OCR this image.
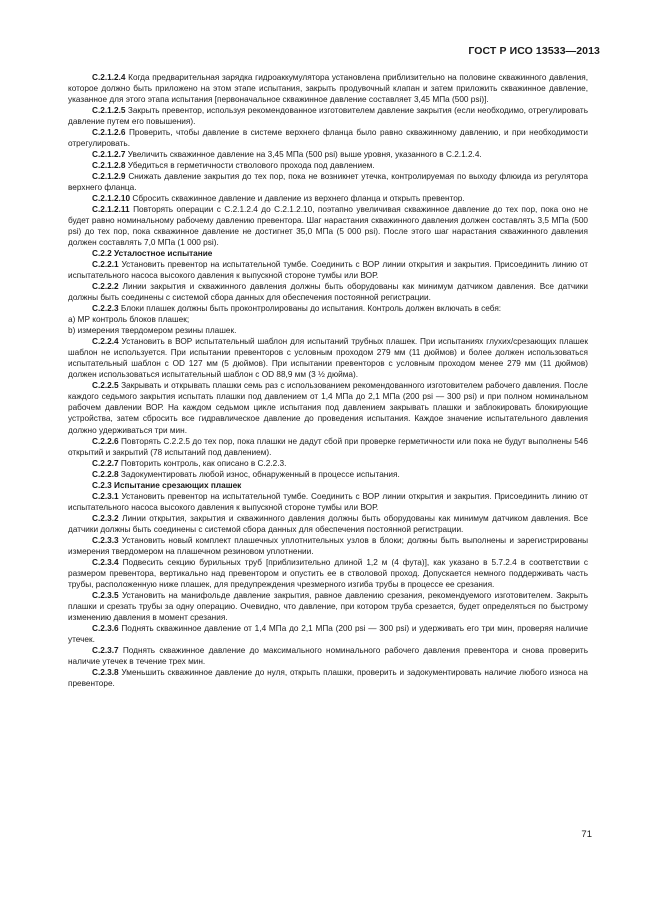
ГОСТ Р ИСО 13533—2013

С.2.1.2.4 Когда предварительная зарядка гидроаккумулятора установлена приблизительно на половине скважинного давления, которое должно быть приложено на этом этапе испытания, закрыть продувочный клапан и затем приложить скважинное давление, указанное для этого этапа испытания [первоначальное скважинное давление составляет 3,45 МПа (500 psi)].

С.2.1.2.5 Закрыть превентор, используя рекомендованное изготовителем давление закрытия (если необходимо, отрегулировать давление путем его повышения).

С.2.1.2.6 Проверить, чтобы давление в системе верхнего фланца было равно скважинному давлению, и при необходимости отрегулировать.

С.2.1.2.7 Увеличить скважинное давление на 3,45 МПа (500 psi) выше уровня, указанного в С.2.1.2.4.

С.2.1.2.8 Убедиться в герметичности стволового прохода под давлением.

С.2.1.2.9 Снижать давление закрытия до тех пор, пока не возникнет утечка, контролируемая по выходу флюида из регулятора верхнего фланца.

С.2.1.2.10 Сбросить скважинное давление и давление из верхнего фланца и открыть превентор.

С.2.1.2.11 Повторять операции с С.2.1.2.4 до С.2.1.2.10, поэтапно увеличивая скважинное давление до тех пор, пока оно не будет равно номинальному рабочему давлению превентора. Шаг нарастания скважинного давления должен составлять 3,5 МПа (500 psi) до тех пор, пока скважинное давление не достигнет 35,0 МПа (5 000 psi). После этого шаг нарастания скважинного давления должен составлять 7,0 МПа (1 000 psi).

С.2.2 Усталостное испытание

С.2.2.1 Установить превентор на испытательной тумбе. Соединить с ВОР линии открытия и закрытия. Присоединить линию от испытательного насоса высокого давления к выпускной стороне тумбы или ВОР.

С.2.2.2 Линии закрытия и скважинного давления должны быть оборудованы как минимум датчиком давления. Все датчики должны быть соединены с системой сбора данных для обеспечения постоянной регистрации.

С.2.2.3 Блоки плашек должны быть проконтролированы до испытания. Контроль должен включать в себя:

а) МР контроль блоков плашек;

b) измерения твердомером резины плашек.

С.2.2.4 Установить в ВОР испытательный шаблон для испытаний трубных плашек. При испытаниях глухих/срезающих плашек шаблон не используется. При испытании превенторов с условным проходом 279 мм (11 дюймов) и более должен использоваться испытательный шаблон с OD 127 мм (5 дюймов). При испытании превенторов с условным проходом менее 279 мм (11 дюймов) должен использоваться испытательный шаблон с OD 88,9 мм (3 ½ дюйма).

С.2.2.5 Закрывать и открывать плашки семь раз с использованием рекомендованного изготовителем рабочего давления. После каждого седьмого закрытия испытать плашки под давлением от 1,4 МПа до 2,1 МПа (200 psi — 300 psi) и при полном номинальном рабочем давлении ВОР. На каждом седьмом цикле испытания под давлением закрывать плашки и заблокировать блокирующие устройства, затем сбросить все гидравлическое давление до проведения испытания. Каждое значение испытательного давления должно удерживаться три мин.

С.2.2.6 Повторять С.2.2.5 до тех пор, пока плашки не дадут сбой при проверке герметичности или пока не будут выполнены 546 открытий и закрытий (78 испытаний под давлением).

С.2.2.7 Повторить контроль, как описано в С.2.2.3.

С.2.2.8 Задокументировать любой износ, обнаруженный в процессе испытания.

С.2.3 Испытание срезающих плашек

С.2.3.1 Установить превентор на испытательной тумбе. Соединить с ВОР линии открытия и закрытия. Присоединить линию от испытательного насоса высокого давления к выпускной стороне тумбы или ВОР.

С.2.3.2 Линии открытия, закрытия и скважинного давления должны быть оборудованы как минимум датчиком давления. Все датчики должны быть соединены с системой сбора данных для обеспечения постоянной регистрации.

С.2.3.3 Установить новый комплект плашечных уплотнительных узлов в блоки; должны быть выполнены и зарегистрированы измерения твердомером на плашечном резиновом уплотнении.

С.2.3.4 Подвесить секцию бурильных труб [приблизительно длиной 1,2 м (4 фута)], как указано в 5.7.2.4 в соответствии с размером превентора, вертикально над превентором и опустить ее в стволовой проход. Допускается немного поддерживать часть трубы, расположенную ниже плашек, для предупреждения чрезмерного изгиба трубы в процессе ее срезания.

С.2.3.5 Установить на манифольде давление закрытия, равное давлению срезания, рекомендуемого изготовителем. Закрыть плашки и срезать трубы за одну операцию. Очевидно, что давление, при котором труба срезается, будет определяться по быстрому изменению давления в момент срезания.

С.2.3.6 Поднять скважинное давление от 1,4 МПа до 2,1 МПа (200 psi — 300 psi) и удерживать его три мин, проверяя наличие утечек.

С.2.3.7 Поднять скважинное давление до максимального номинального рабочего давления превентора и снова проверить наличие утечек в течение трех мин.

С.2.3.8 Уменьшить скважинное давление до нуля, открыть плашки, проверить и задокументировать наличие любого износа на превенторе.

71
